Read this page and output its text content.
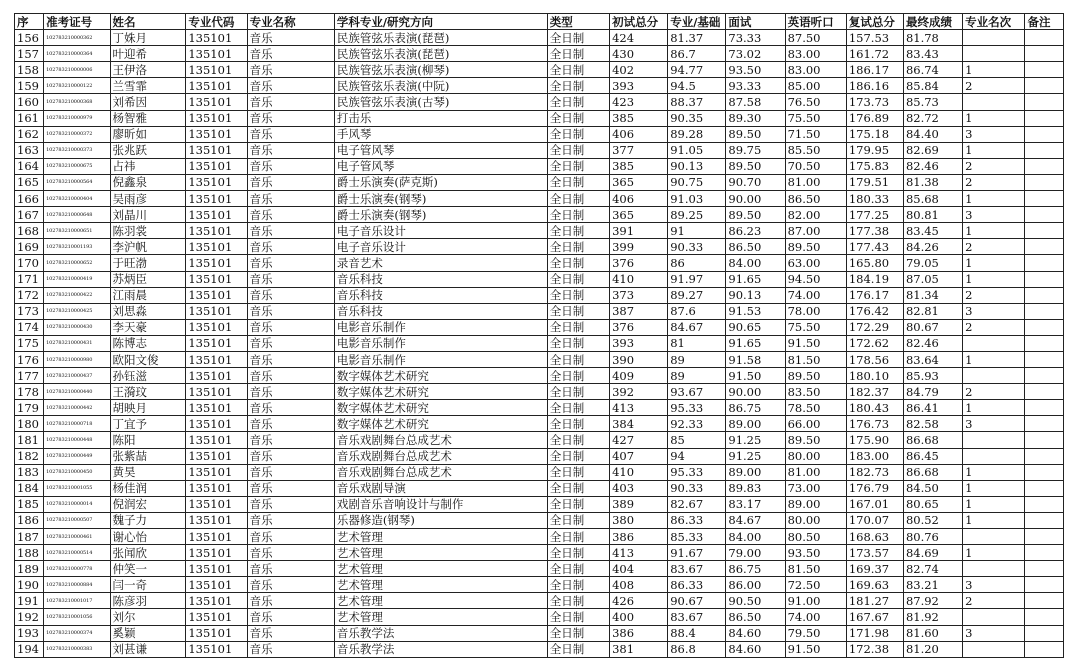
序	准考证号	姓名	专业代码	专业名称	学科专业/研究方向	类型	初试总分	专业/基础	面试	英语听口	复试总分	最终成绩	专业名次	备注
156	102783210000362	丁姝月	135101	音乐	民族管弦乐表演(琵琶)	全日制	424	81.37	73.33	87.50	157.53	81.78		
157	102783210000364	叶迎希	135101	音乐	民族管弦乐表演(琵琶)	全日制	430	86.7	73.02	83.00	161.72	83.43		
158	102783210000006	王伊洛	135101	音乐	民族管弦乐表演(柳琴)	全日制	402	94.77	93.50	83.00	186.17	86.74	1	
159	102783210000122	兰雪霏	135101	音乐	民族管弦乐表演(中阮)	全日制	393	94.5	93.33	85.00	186.16	85.84	2	
160	102783210000368	刘希因	135101	音乐	民族管弦乐表演(古琴)	全日制	423	88.37	87.58	76.50	173.73	85.73		
161	102783210000979	杨智雅	135101	音乐	打击乐	全日制	385	90.35	89.30	75.50	176.89	82.72	1	
162	102783210000372	廖昕如	135101	音乐	手风琴	全日制	406	89.28	89.50	71.50	175.18	84.40	3	
163	102783210000373	张兆跃	135101	音乐	电子管风琴	全日制	377	91.05	89.75	85.50	179.95	82.69	1	
164	102783210000675	占祎	135101	音乐	电子管风琴	全日制	385	90.13	89.50	70.50	175.83	82.46	2	
165	102783210000564	倪鑫泉	135101	音乐	爵士乐演奏(萨克斯)	全日制	365	90.75	90.70	81.00	179.51	81.38	2	
166	102783210000404	吴雨彦	135101	音乐	爵士乐演奏(钢琴)	全日制	406	91.03	90.00	86.50	180.33	85.68	1	
167	102783210000648	刘晶川	135101	音乐	爵士乐演奏(钢琴)	全日制	365	89.25	89.50	82.00	177.25	80.81	3	
168	102783210000651	陈羽裳	135101	音乐	电子音乐设计	全日制	391	91	86.23	87.00	177.38	83.45	1	
169	102783210001193	李沪帆	135101	音乐	电子音乐设计	全日制	399	90.33	86.50	89.50	177.43	84.26	2	
170	102783210000652	于旺渤	135101	音乐	录音艺术	全日制	376	86	84.00	63.00	165.80	79.05	1	
171	102783210000419	苏炳臣	135101	音乐	音乐科技	全日制	410	91.97	91.65	94.50	184.19	87.05	1	
172	102783210000422	江雨晨	135101	音乐	音乐科技	全日制	373	89.27	90.13	74.00	176.17	81.34	2	
173	102783210000425	刘思淼	135101	音乐	音乐科技	全日制	387	87.6	91.53	78.00	176.42	82.81	3	
174	102783210000430	李天豪	135101	音乐	电影音乐制作	全日制	376	84.67	90.65	75.50	172.29	80.67	2	
175	102783210000431	陈博志	135101	音乐	电影音乐制作	全日制	393	81	91.65	91.50	172.62	82.46		
176	102783210000980	欧阳文俊	135101	音乐	电影音乐制作	全日制	390	89	91.58	81.50	178.56	83.64	1	
177	102783210000437	孙钰滋	135101	音乐	数字媒体艺术研究	全日制	409	89	91.50	89.50	180.10	85.93		
178	102783210000440	王漪玟	135101	音乐	数字媒体艺术研究	全日制	392	93.67	90.00	83.50	182.37	84.79	2	
179	102783210000442	胡映月	135101	音乐	数字媒体艺术研究	全日制	413	95.33	86.75	78.50	180.43	86.41	1	
180	102783210000718	丁宜予	135101	音乐	数字媒体艺术研究	全日制	384	92.33	89.00	66.00	176.73	82.58	3	
181	102783210000448	陈阳	135101	音乐	音乐戏剧舞台总成艺术	全日制	427	85	91.25	89.50	175.90	86.68		
182	102783210000449	张紫喆	135101	音乐	音乐戏剧舞台总成艺术	全日制	407	94	91.25	80.00	183.00	86.45		
183	102783210000450	黄昊	135101	音乐	音乐戏剧舞台总成艺术	全日制	410	95.33	89.00	81.00	182.73	86.68	1	
184	102783210001055	杨佳润	135101	音乐	音乐戏剧导演	全日制	403	90.33	89.83	73.00	176.79	84.50	1	
185	102783210000014	倪润宏	135101	音乐	戏剧音乐音响设计与制作	全日制	389	82.67	83.17	89.00	167.01	80.65	1	
186	102783210000507	魏子力	135101	音乐	乐器修造(钢琴)	全日制	380	86.33	84.67	80.00	170.07	80.52	1	
187	102783210000461	谢心怡	135101	音乐	艺术管理	全日制	386	85.33	84.00	80.50	168.63	80.76		
188	102783210000514	张闻欣	135101	音乐	艺术管理	全日制	413	91.67	79.00	93.50	173.57	84.69	1	
189	102783210000778	仲笑一	135101	音乐	艺术管理	全日制	404	83.67	86.75	81.50	169.37	82.74		
190	102783210000884	闫一奇	135101	音乐	艺术管理	全日制	408	86.33	86.00	72.50	169.63	83.21	3	
191	102783210001017	陈彦羽	135101	音乐	艺术管理	全日制	426	90.67	90.50	91.00	181.27	87.92	2	
192	102783210001056	刘尔	135101	音乐	艺术管理	全日制	400	83.67	86.50	74.00	167.67	81.92		
193	102783210000374	奚颖	135101	音乐	音乐教学法	全日制	386	88.4	84.60	79.50	171.98	81.60	3	
194	102783210000383	刘甚谦	135101	音乐	音乐教学法	全日制	381	86.8	84.60	91.50	172.38	81.20		
